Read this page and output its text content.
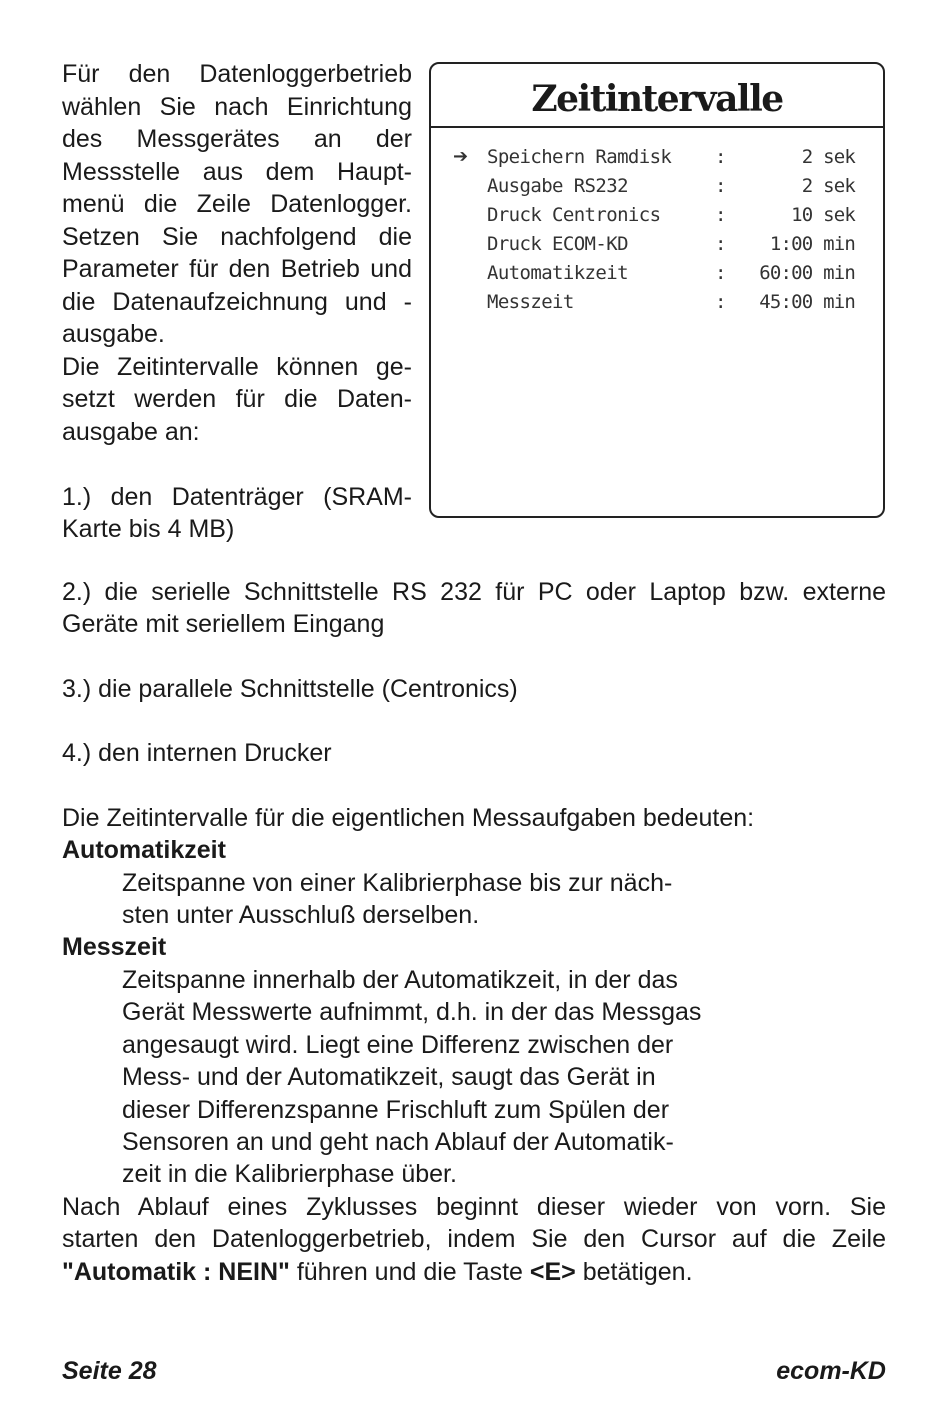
Für den Datenloggerbetrieb
wählen Sie nach Einrichtung
des Messgerätes an der
Messstelle aus dem Haupt-
menü die Zeile Datenlogger.
Setzen Sie nachfolgend die
Parameter für den Betrieb und
die Datenaufzeichnung und -
ausgabe.
Die Zeitintervalle können ge-
setzt werden für die Daten-
ausgabe an:
1.) den Datenträger (SRAM-
Karte bis 4 MB)
Zeitintervalle
➔ Speichern Ramdisk :	2 sek
Ausgabe RS232	:	2 sek
Druck Centronics	:	10 sek
Druck ECOM-KD	: 1:00 min
Automatikzeit	: 60:00 min
Messzeit	: 45:00 min
2.) die serielle Schnittstelle RS 232 für PC oder Laptop bzw. externe
Geräte mit seriellem Eingang
3.) die parallele Schnittstelle (Centronics)
4.) den internen Drucker
Die Zeitintervalle für die eigentlichen Messaufgaben bedeuten:
Automatikzeit
Zeitspanne von einer Kalibrierphase bis zur näch-
sten unter Ausschluß derselben.
Messzeit
Zeitspanne innerhalb der Automatikzeit, in der das
Gerät Messwerte aufnimmt, d.h. in der das Messgas
angesaugt wird. Liegt eine Differenz zwischen der
Mess- und der Automatikzeit, saugt das Gerät in
dieser Differenzspanne Frischluft zum Spülen der
Sensoren an und geht nach Ablauf der Automatik-
zeit in die Kalibrierphase über.
Nach Ablauf eines Zyklusses beginnt dieser wieder von vorn. Sie
starten den Datenloggerbetrieb, indem Sie den Cursor auf die Zeile
"Automatik : NEIN" führen und die Taste <E> betätigen.
Seite 28	ecom-KD
